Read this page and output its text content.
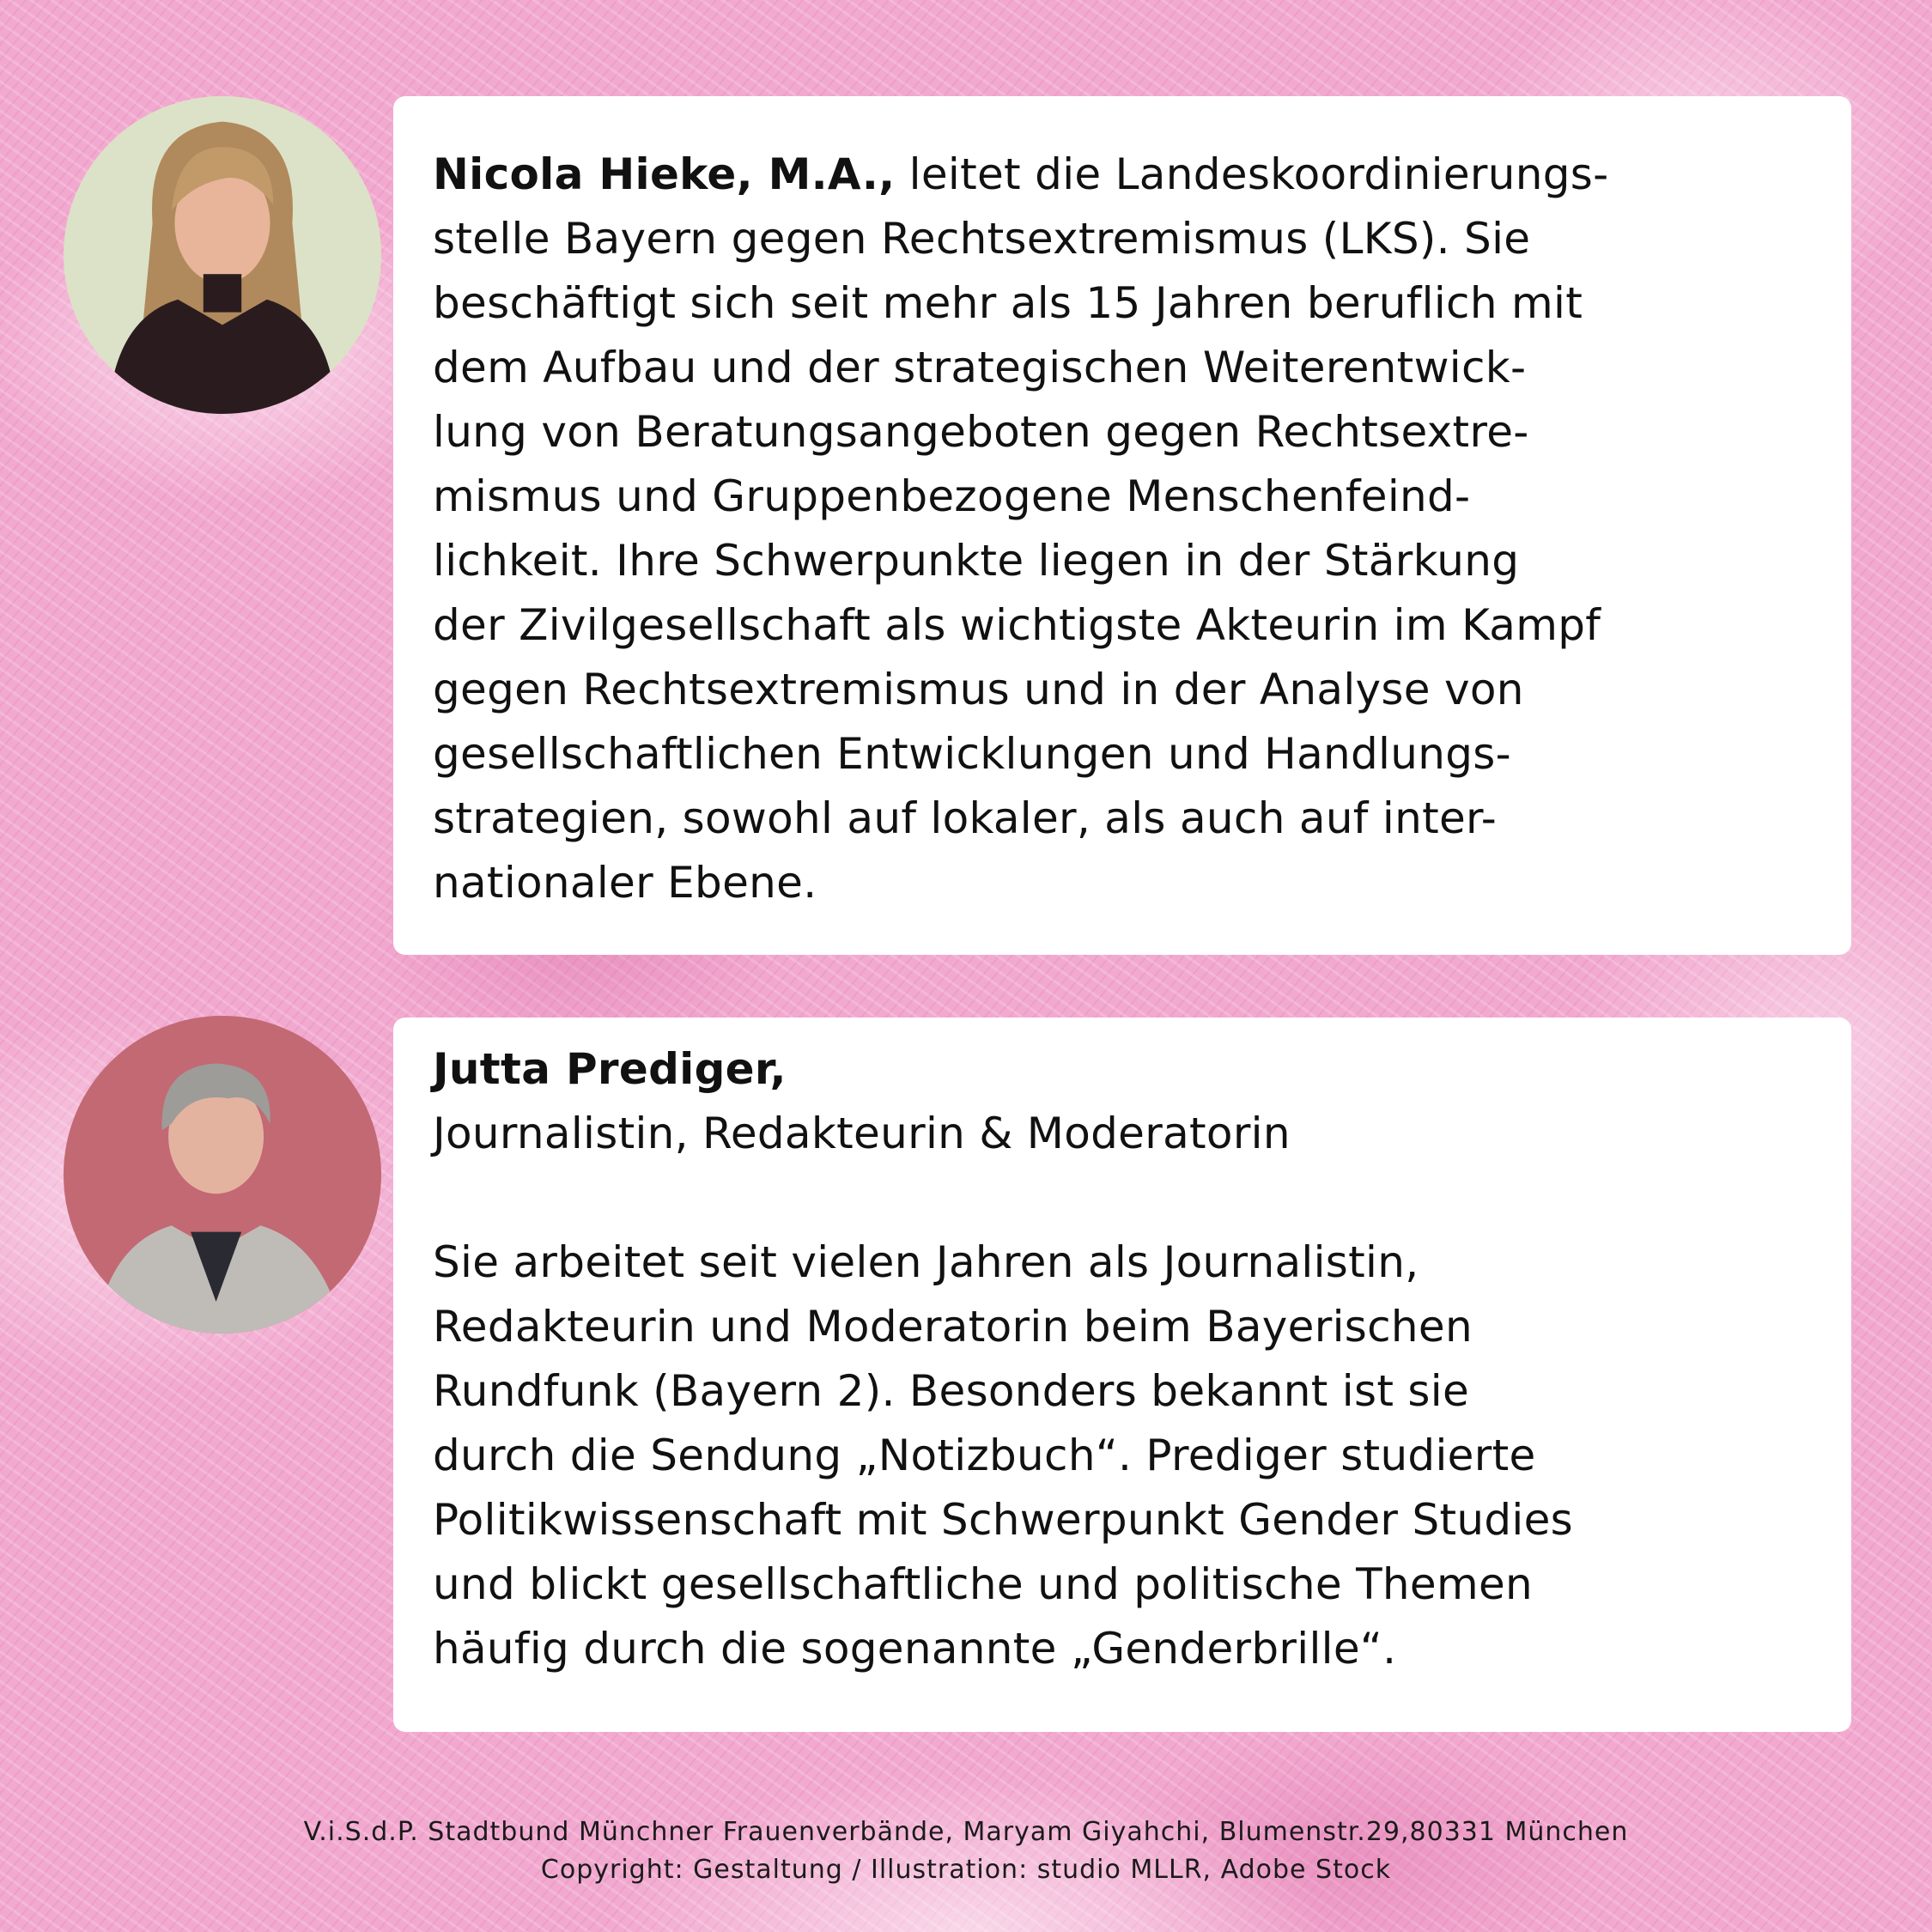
Nicola Hieke, M.A., leitet die Landeskoordinierungs-

stelle Bayern gegen Rechtsextremismus (LKS). Sie

beschäftigt sich seit mehr als 15 Jahren beruflich mit

dem Aufbau und der strategischen Weiterentwick-

lung von Beratungsangeboten gegen Rechtsextre-

mismus und Gruppenbezogene Menschenfeind-

lichkeit. Ihre Schwerpunkte liegen in der Stärkung

der Zivilgesellschaft als wichtigste Akteurin im Kampf

gegen Rechtsextremismus und in der Analyse von

gesellschaftlichen Entwicklungen und Handlungs-

strategien, sowohl auf lokaler, als auch auf inter-

nationaler Ebene.

Jutta Prediger,

Journalistin, Redakteurin & Moderatorin

Sie arbeitet seit vielen Jahren als Journalistin,

Redakteurin und Moderatorin beim Bayerischen

Rundfunk (Bayern 2). Besonders bekannt ist sie

durch die Sendung „Notizbuch“. Prediger studierte

Politikwissenschaft mit Schwerpunkt Gender Studies

und blickt gesellschaftliche und politische Themen

häufig durch die sogenannte „Genderbrille“.

V.i.S.d.P. Stadtbund Münchner Frauenverbände, Maryam Giyahchi, Blumenstr.29,80331 München
Copyright: Gestaltung / Illustration: studio MLLR, Adobe Stock
